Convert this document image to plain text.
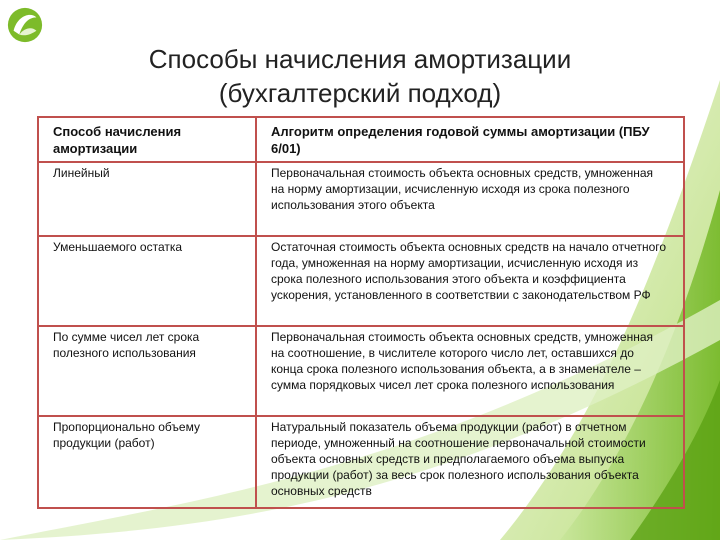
Способы начисления амортизации
(бухгалтерский подход)
Способ начисления амортизации	Алгоритм определения годовой суммы амортизации (ПБУ 6/01)
Линейный	Первоначальная стоимость объекта основных средств, умноженная на норму амортизации, исчисленную исходя из срока полезного использования этого объекта
Уменьшаемого остатка	Остаточная стоимость объекта основных средств на начало отчетного года, умноженная на норму амортизации, исчисленную исходя из срока полезного использования этого объекта и коэффициента ускорения, установленного в соответствии с законодательством РФ
По сумме чисел лет срока полезного использования	Первоначальная стоимость объекта основных средств, умноженная на соотношение, в числителе которого число лет, оставшихся до конца срока полезного использования объекта, а в знаменателе – сумма порядковых чисел лет срока полезного использования
Пропорционально объему продукции (работ)	Натуральный показатель объема продукции (работ) в отчетном периоде, умноженный на соотношение первоначальной стоимости объекта основных средств и предполагаемого объема выпуска продукции (работ) за весь срок полезного использования объекта основных средств
